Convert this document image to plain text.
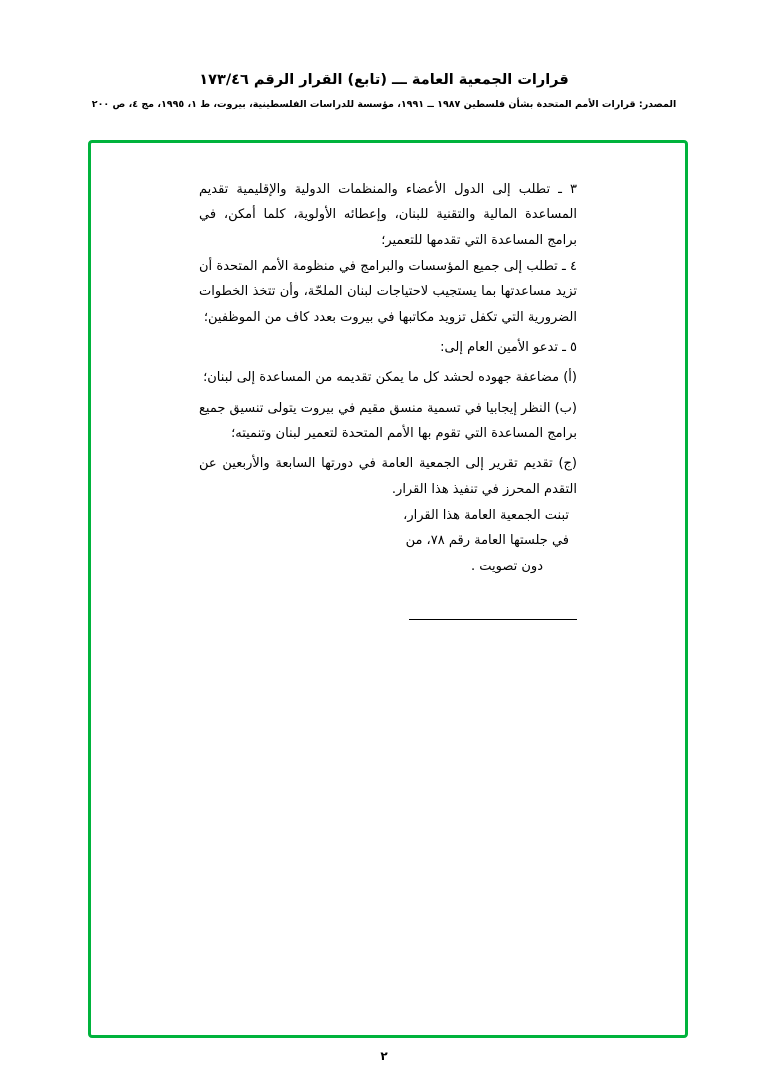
قرارات الجمعية العامة ـــ (تابع) القرار الرقم ١٧٣/٤٦
المصدر: قرارات الأمم المتحدة بشأن فلسطين ١٩٨٧ ــ ١٩٩١، مؤسسة للدراسات الفلسطينية، بيروت، ط ١، ١٩٩٥، مج ٤، ص ٢٠٠

٣ ـ تطلب إلى الدول الأعضاء والمنظمات الدولية والإقليمية تقديم المساعدة المالية والتقنية للبنان، وإعطائه الأولوية، كلما أمكن، في برامج المساعدة التي تقدمها للتعمير؛

٤ ـ تطلب إلى جميع المؤسسات والبرامج في منظومة الأمم المتحدة أن تزيد مساعدتها بما يستجيب لاحتياجات لبنان الملحّة، وأن تتخذ الخطوات الضرورية التي تكفل تزويد مكاتبها في بيروت بعدد كاف من الموظفين؛

٥ ـ تدعو الأمين العام إلى:

(أ) مضاعفة جهوده لحشد كل ما يمكن تقديمه من المساعدة إلى لبنان؛

(ب) النظر إيجابيا في تسمية منسق مقيم في بيروت يتولى تنسيق جميع برامج المساعدة التي تقوم بها الأمم المتحدة لتعمير لبنان وتنميته؛

(ج) تقديم تقرير إلى الجمعية العامة في دورتها السابعة والأربعين عن التقدم المحرز في تنفيذ هذا القرار.

تبنت الجمعية العامة هذا القرار،

في جلستها العامة رقم ٧٨، من

دون تصويت .

٢
